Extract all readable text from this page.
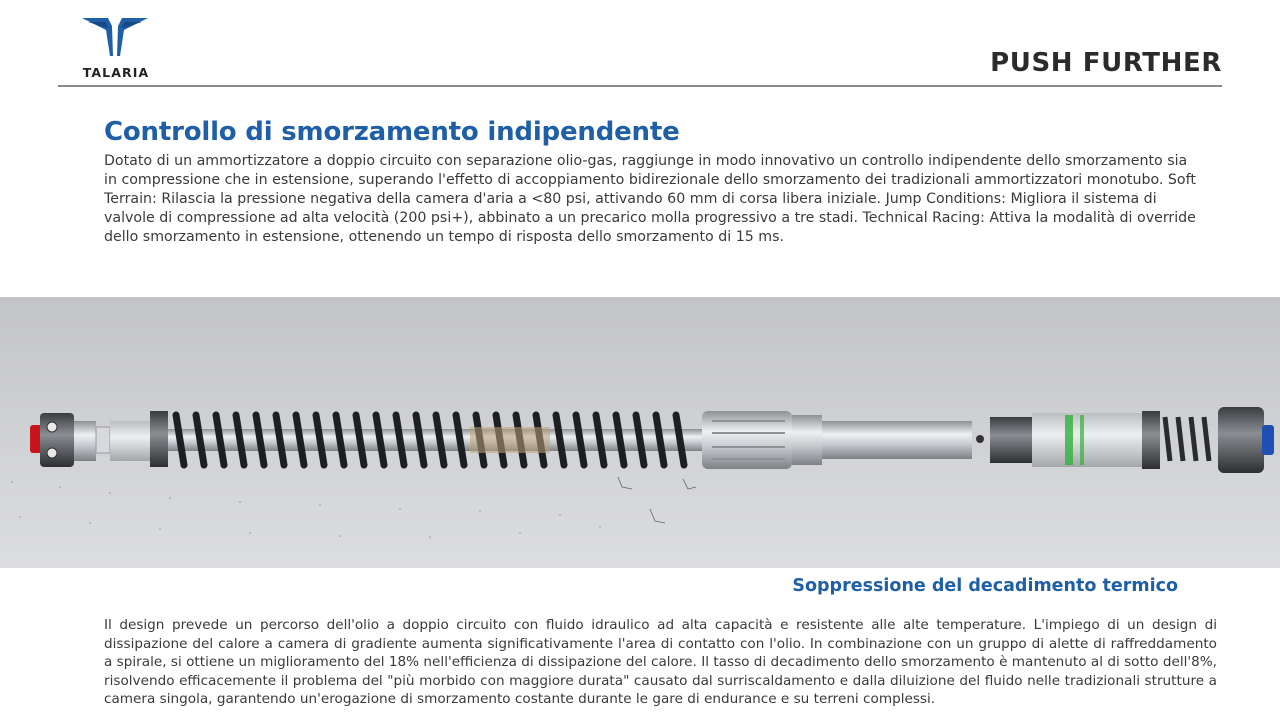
TALARIA	PUSH FURTHER
Controllo di smorzamento indipendente

Dotato di un ammortizzatore a doppio circuito con separazione olio-gas, raggiunge in modo innovativo un controllo indipendente dello smorzamento sia in compressione che in estensione, superando l'effetto di accoppiamento bidirezionale dello smorzamento dei tradizionali ammortizzatori monotubo. Soft Terrain: Rilascia la pressione negativa della camera d'aria a <80 psi, attivando 60 mm di corsa libera iniziale. Jump Conditions: Migliora il sistema di valvole di compressione ad alta velocità (200 psi+), abbinato a un precarico molla progressivo a tre stadi. Technical Racing: Attiva la modalità di override dello smorzamento in estensione, ottenendo un tempo di risposta dello smorzamento di 15 ms.

Soppressione del decadimento termico

Il design prevede un percorso dell'olio a doppio circuito con fluido idraulico ad alta capacità e resistente alle alte temperature. L'impiego di un design di dissipazione del calore a camera di gradiente aumenta significativamente l'area di contatto con l'olio. In combinazione con un gruppo di alette di raffreddamento a spirale, si ottiene un miglioramento del 18% nell'efficienza di dissipazione del calore. Il tasso di decadimento dello smorzamento è mantenuto al di sotto dell'8%, risolvendo efficacemente il problema del "più morbido con maggiore durata" causato dal surriscaldamento e dalla diluizione del fluido nelle tradizionali strutture a camera singola, garantendo un'erogazione di smorzamento costante durante le gare di endurance e su terreni complessi.
